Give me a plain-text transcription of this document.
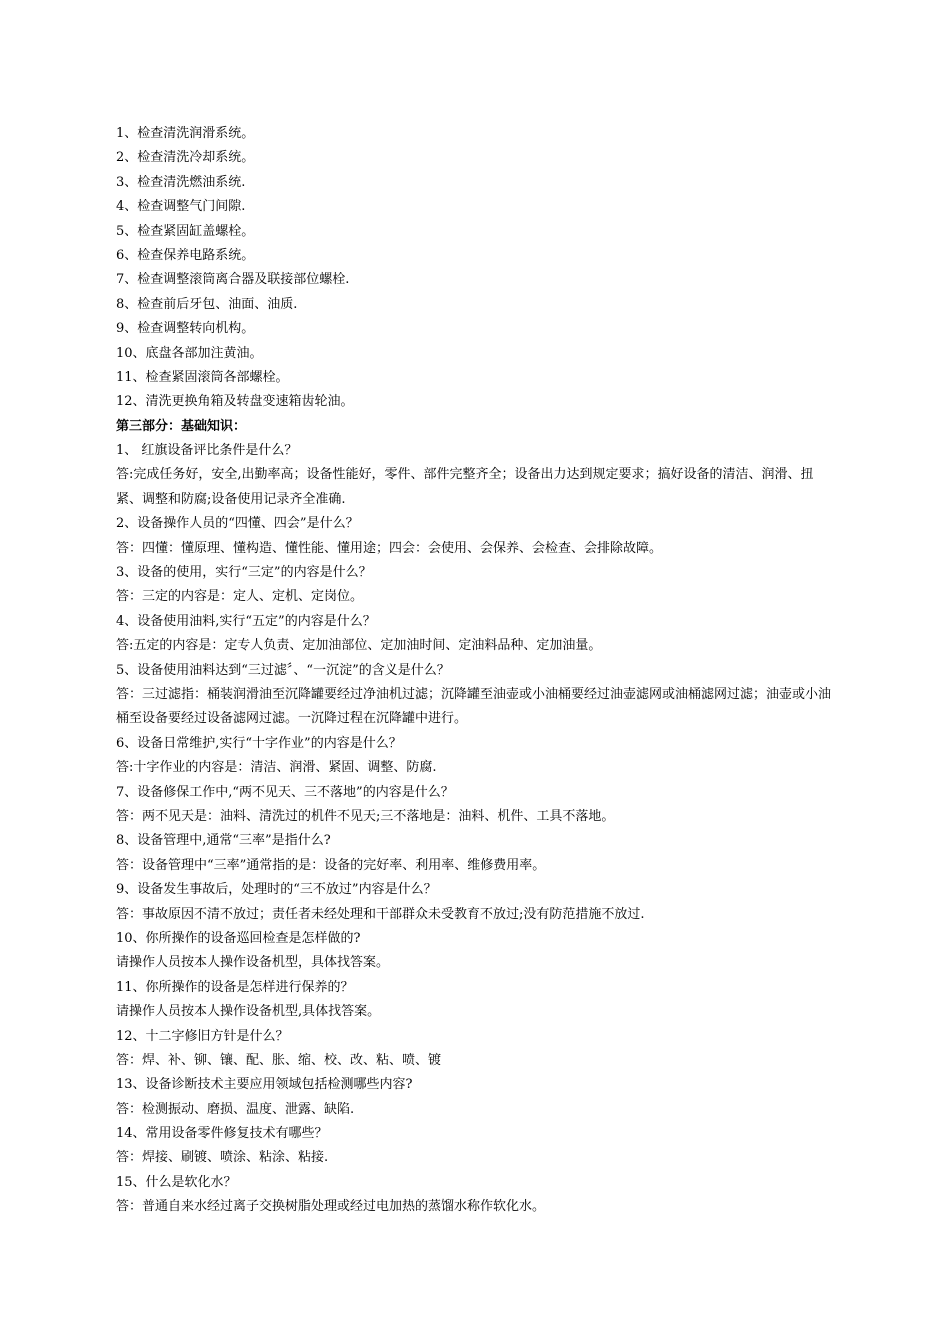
1、检查清洗润滑系统。
2、检查清洗冷却系统。
3、检查清洗燃油系统.
4、检查调整气门间隙.
5、检查紧固缸盖螺栓。
6、检查保养电路系统。
7、检查调整滚筒离合器及联接部位螺栓.
8、检查前后牙包、油面、油质.
9、检查调整转向机构。
10、底盘各部加注黄油。
11、检查紧固滚筒各部螺栓。
12、清洗更换角箱及转盘变速箱齿轮油。
第三部分：基础知识：
1、 红旗设备评比条件是什么？
答:完成任务好，安全,出勤率高；设备性能好，零件、部件完整齐全；设备出力达到规定要求；搞好设备的清洁、润滑、扭紧、调整和防腐;设备使用记录齐全准确.
2、设备操作人员的“四懂、四会”是什么？
答：四懂：懂原理、懂构造、懂性能、懂用途；四会：会使用、会保养、会检查、会排除故障。
3、设备的使用，实行“三定”的内容是什么？
答：三定的内容是：定人、定机、定岗位。
4、设备使用油料,实行“五定”的内容是什么？
答:五定的内容是：定专人负责、定加油部位、定加油时间、定油料品种、定加油量。
5、设备使用油料达到“三过滤〞、“一沉淀”的含义是什么？
答：三过滤指：桶装润滑油至沉降罐要经过净油机过滤；沉降罐至油壶或小油桶要经过油壶滤网或油桶滤网过滤；油壶或小油桶至设备要经过设备滤网过滤。一沉降过程在沉降罐中进行。
6、设备日常维护,实行“十字作业”的内容是什么？
答:十字作业的内容是：清洁、润滑、紧固、调整、防腐.
7、设备修保工作中,“两不见天、三不落地”的内容是什么？
答：两不见天是：油料、清洗过的机件不见天;三不落地是：油料、机件、工具不落地。
8、设备管理中,通常“三率”是指什么?
答：设备管理中“三率”通常指的是：设备的完好率、利用率、维修费用率。
9、设备发生事故后，处理时的“三不放过”内容是什么？
答：事故原因不清不放过；责任者未经处理和干部群众未受教育不放过;没有防范措施不放过.
10、你所操作的设备巡回检查是怎样做的?
请操作人员按本人操作设备机型，具体找答案。
11、你所操作的设备是怎样进行保养的？
请操作人员按本人操作设备机型,具体找答案。
12、十二字修旧方针是什么？
答：焊、补、铆、镶、配、胀、缩、校、改、粘、喷、镀
13、设备诊断技术主要应用领域包括检测哪些内容?
答：检测振动、磨损、温度、泄露、缺陷.
14、常用设备零件修复技术有哪些？
答：焊接、刷镀、喷涂、粘涂、粘接.
15、什么是软化水？
答：普通自来水经过离子交换树脂处理或经过电加热的蒸馏水称作软化水。
